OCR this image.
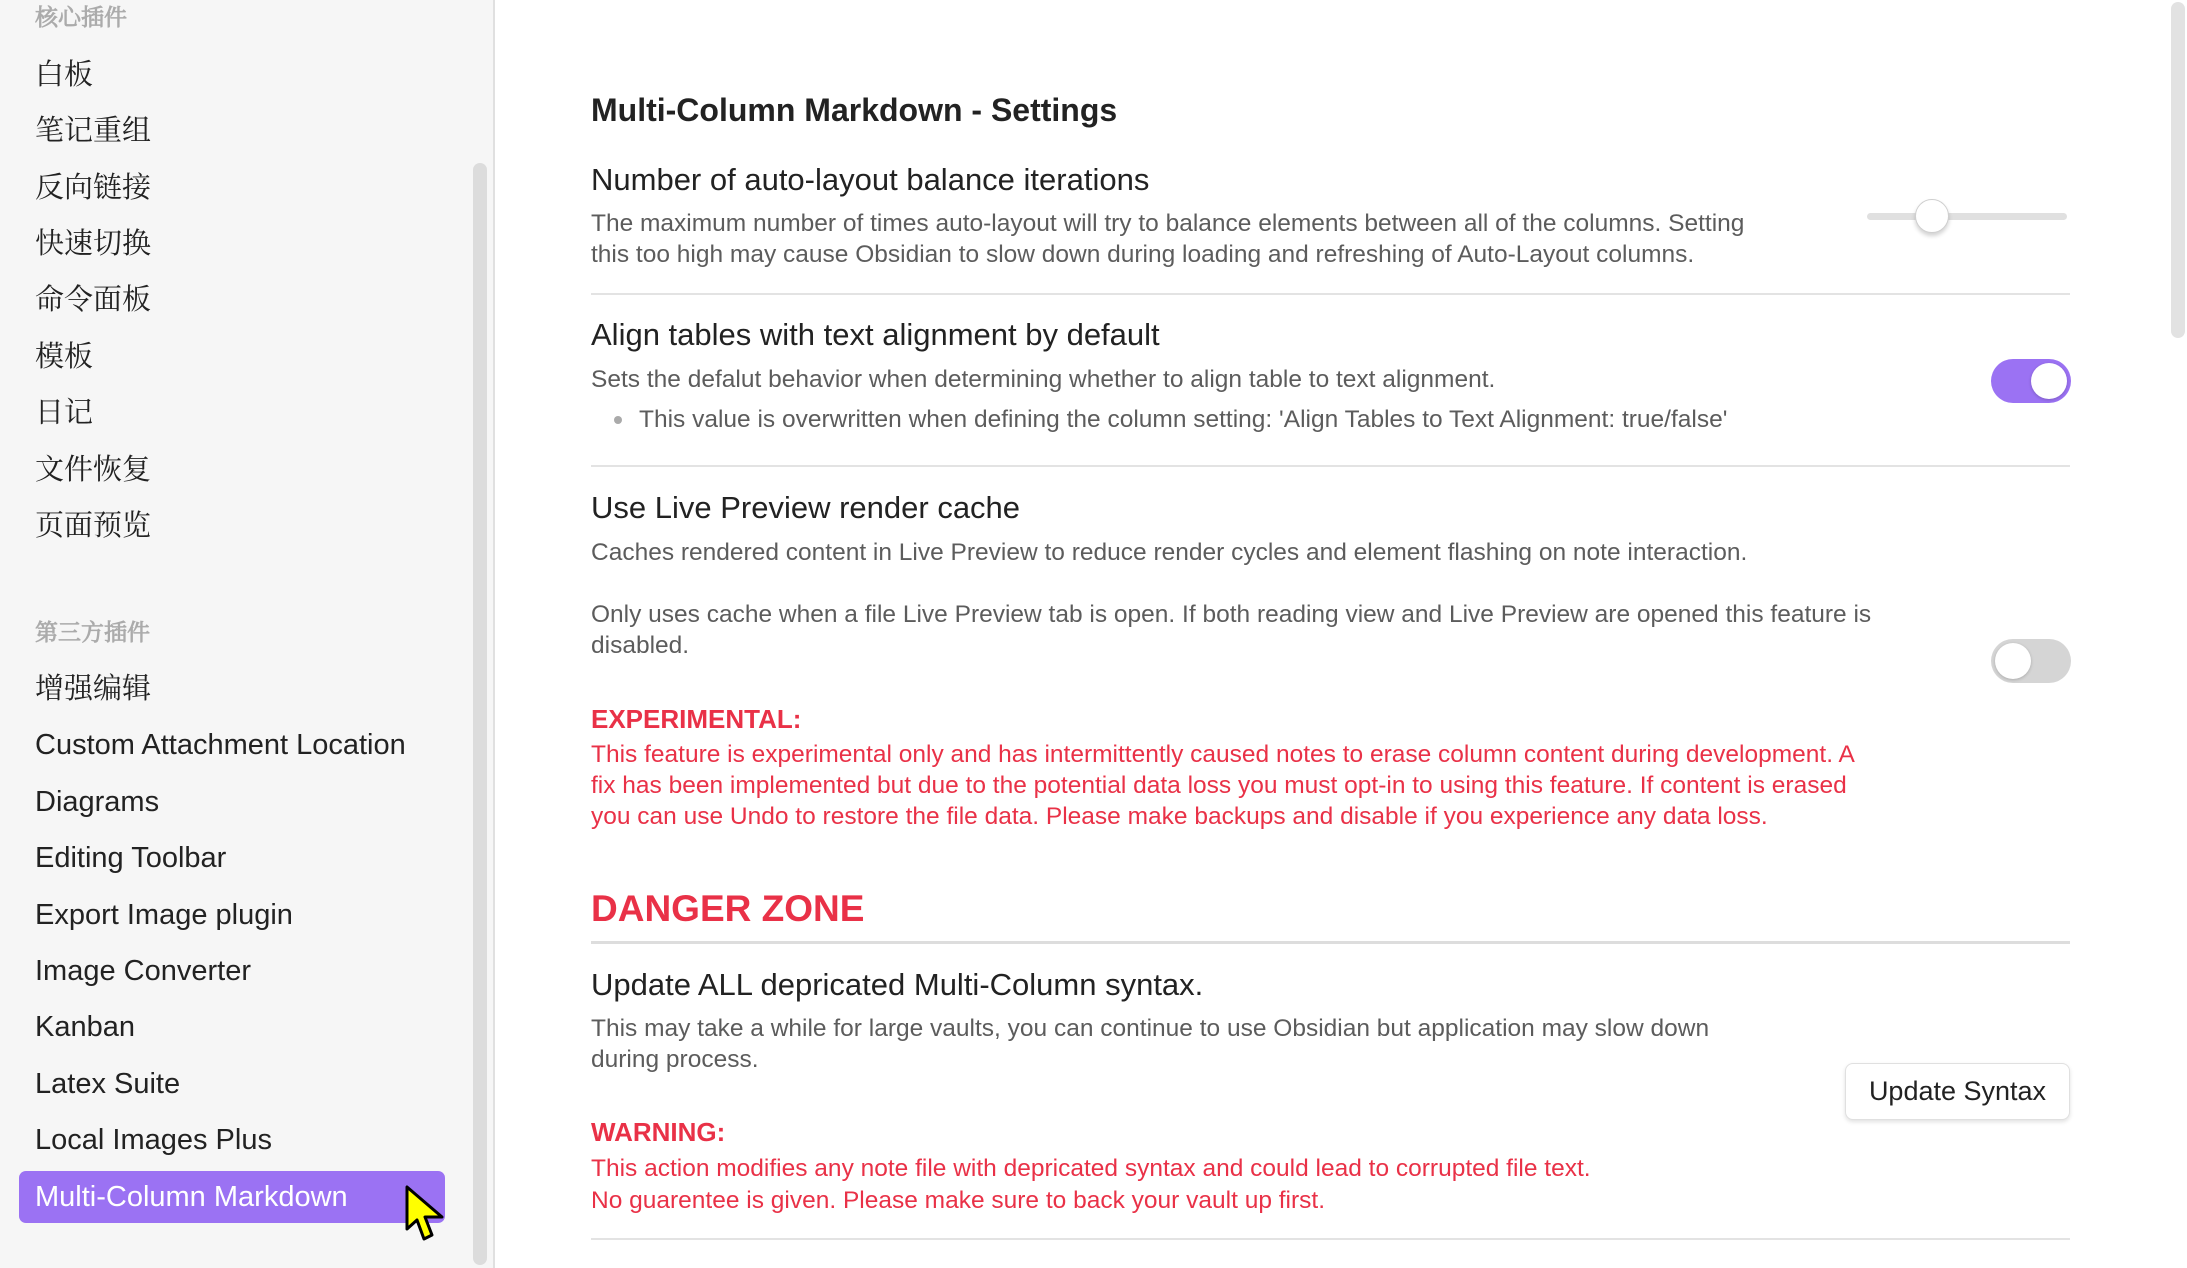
核心插件
白板
笔记重组
反向链接
快速切换
命令面板
模板
日记
文件恢复
页面预览
第三方插件
增强编辑
Custom Attachment Location
Diagrams
Editing Toolbar
Export Image plugin
Image Converter
Kanban
Latex Suite
Local Images Plus
Multi-Column Markdown
Multi-Column Markdown - Settings
Number of auto-layout balance iterations
The maximum number of times auto-layout will try to balance elements between all of the columns. Setting
this too high may cause Obsidian to slow down during loading and refreshing of Auto-Layout columns.
Align tables with text alignment by default
Sets the defalut behavior when determining whether to align table to text alignment.
This value is overwritten when defining the column setting: 'Align Tables to Text Alignment: true/false'
Use Live Preview render cache
Caches rendered content in Live Preview to reduce render cycles and element flashing on note interaction.
Only uses cache when a file Live Preview tab is open. If both reading view and Live Preview are opened this feature is
disabled.
EXPERIMENTAL:
This feature is experimental only and has intermittently caused notes to erase column content during development. A
fix has been implemented but due to the potential data loss you must opt-in to using this feature. If content is erased
you can use Undo to restore the file data. Please make backups and disable if you experience any data loss.
DANGER ZONE
Update ALL depricated Multi-Column syntax.
This may take a while for large vaults, you can continue to use Obsidian but application may slow down
during process.
WARNING:
This action modifies any note file with depricated syntax and could lead to corrupted file text.
No guarentee is given. Please make sure to back your vault up first.
Update Syntax
